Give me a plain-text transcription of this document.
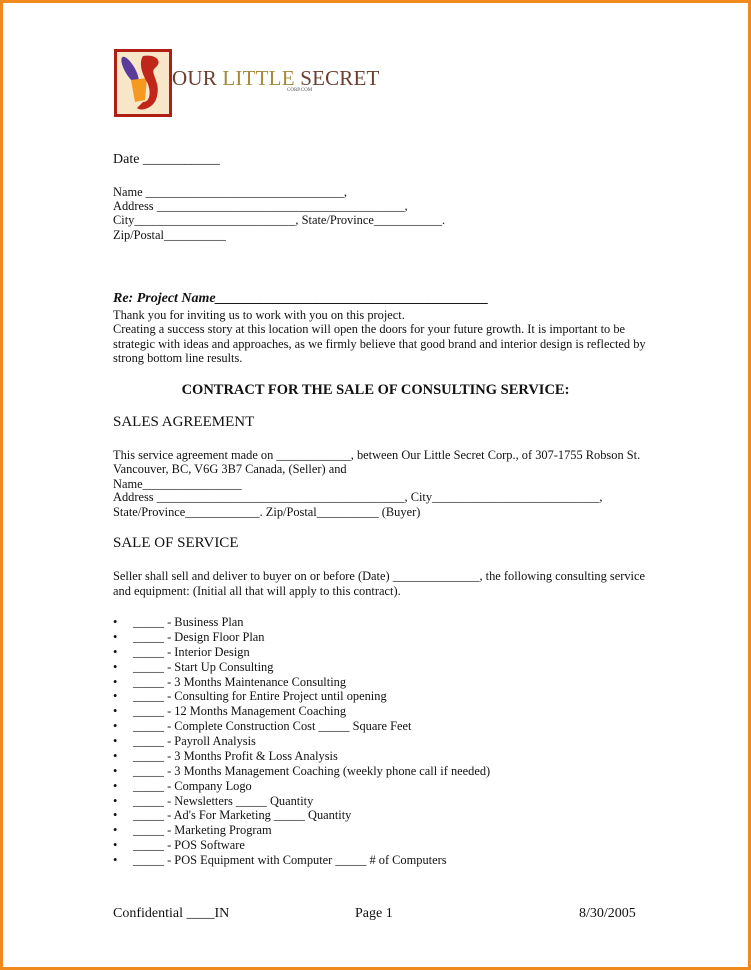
OUR LITTLE SECRET
CORP.COM
Date ___________
Name ________________________________,
Address ________________________________________,
City__________________________, State/Province___________.
Zip/Postal__________
Re: Project Name_______________________________________
Thank you for inviting us to work with you on this project.
Creating a success story at this location will open the doors for your future growth. It is important to be
strategic with ideas and approaches, as we firmly believe that good brand and interior design is reflected by
strong bottom line results.
CONTRACT FOR THE SALE OF CONSULTING SERVICE:
SALES AGREEMENT
This service agreement made on ____________, between Our Little Secret Corp., of 307-1755 Robson St.
Vancouver, BC, V6G 3B7 Canada, (Seller) and
Name________________
Address ________________________________________, City___________________________,
State/Province____________. Zip/Postal__________ (Buyer)
SALE OF SERVICE
Seller shall sell and deliver to buyer on or before (Date) ______________, the following consulting service
and equipment: (Initial all that will apply to this contract).
• _____ - Business Plan
• _____ - Design Floor Plan
• _____ - Interior Design
• _____ - Start Up Consulting
• _____ - 3 Months Maintenance Consulting
• _____ - Consulting for Entire Project until opening
• _____ - 12 Months Management Coaching
• _____ - Complete Construction Cost _____ Square Feet
• _____ - Payroll Analysis
• _____ - 3 Months Profit & Loss Analysis
• _____ - 3 Months Management Coaching (weekly phone call if needed)
• _____ - Company Logo
• _____ - Newsletters _____ Quantity
• _____ - Ad's For Marketing _____ Quantity
• _____ - Marketing Program
• _____ - POS Software
• _____ - POS Equipment with Computer _____ # of Computers
Confidential ____IN	Page 1	8/30/2005
